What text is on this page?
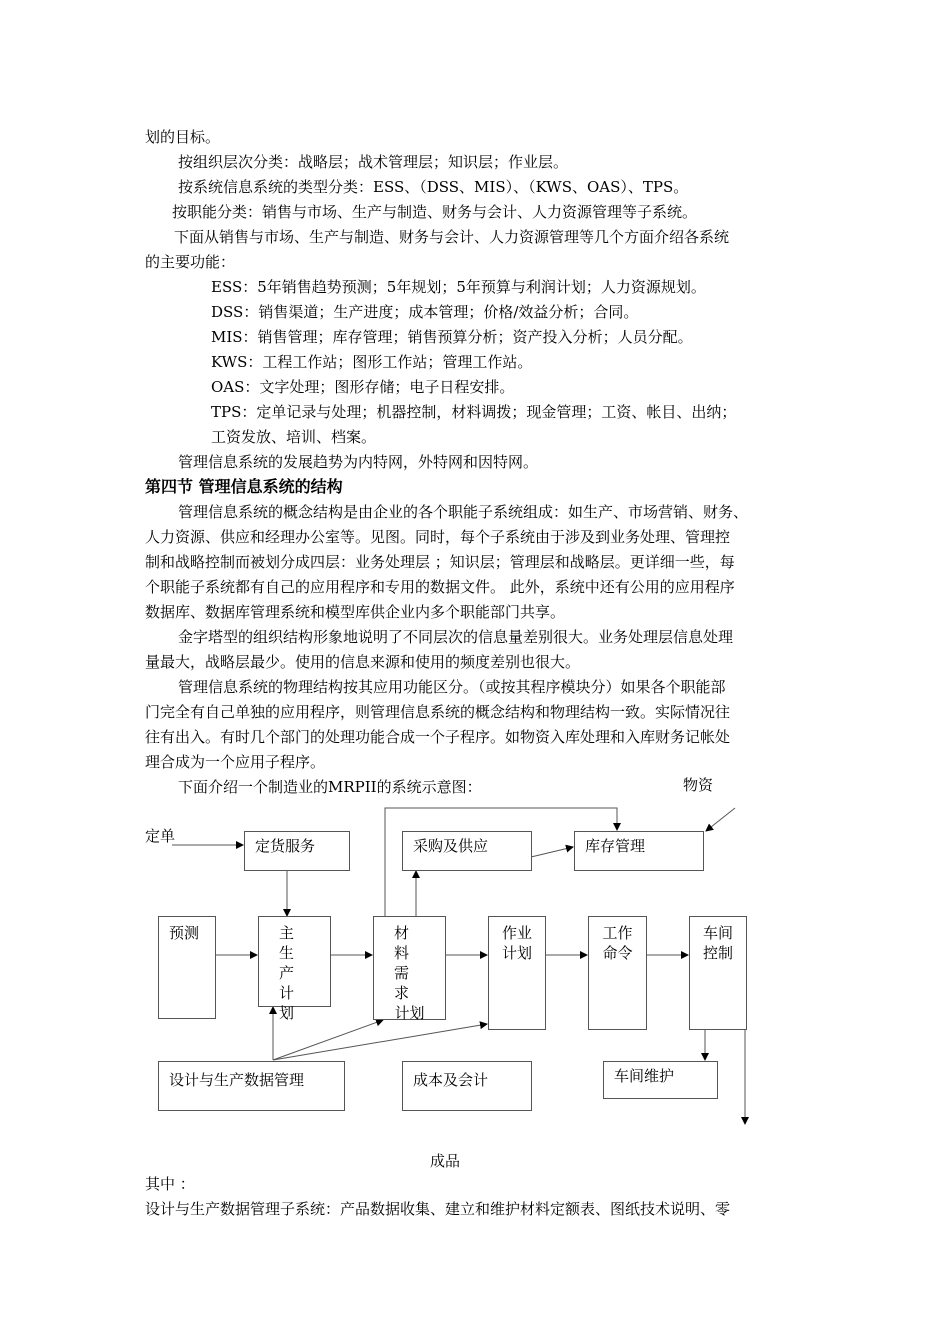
划的目标。

按组织层次分类：战略层；战术管理层；知识层；作业层。

按系统信息系统的类型分类：ESS、（DSS、MIS）、（KWS、OAS）、TPS。

按职能分类：销售与市场、生产与制造、财务与会计、人力资源管理等子系统。

下面从销售与市场、生产与制造、财务与会计、人力资源管理等几个方面介绍各系统

的主要功能：

ESS：5年销售趋势预测；5年规划；5年预算与利润计划；人力资源规划。

DSS：销售渠道；生产进度；成本管理；价格/效益分析；合同。

MIS：销售管理；库存管理；销售预算分析；资产投入分析；人员分配。

KWS：工程工作站；图形工作站；管理工作站。

OAS：文字处理；图形存储；电子日程安排。

TPS：定单记录与处理；机器控制，材料调拨；现金管理；工资、帐目、出纳；

工资发放、培训、档案。

管理信息系统的发展趋势为内特网，外特网和因特网。

第四节 管理信息系统的结构

管理信息系统的概念结构是由企业的各个职能子系统组成：如生产、市场营销、财务、

人力资源、供应和经理办公室等。见图。同时，每个子系统由于涉及到业务处理、管理控

制和战略控制而被划分成四层：业务处理层 ；知识层；管理层和战略层。更详细一些，每

个职能子系统都有自己的应用程序和专用的数据文件。 此外，系统中还有公用的应用程序

数据库、数据库管理系统和模型库供企业内多个职能部门共享。

金字塔型的组织结构形象地说明了不同层次的信息量差别很大。业务处理层信息处理

量最大，战略层最少。使用的信息来源和使用的频度差别也很大。

管理信息系统的物理结构按其应用功能区分。（或按其程序模块分）如果各个职能部

门完全有自己单独的应用程序，则管理信息系统的概念结构和物理结构一致。实际情况往

往有出入。有时几个部门的处理功能合成一个子程序。如物资入库处理和入库财务记帐处

理合成为一个应用子程序。

下面介绍一个制造业的MRPII的系统示意图：	物资
定单
成品
定货服务	采购及供应	库存管理
预测	主 生
产 计
划
材 料
需 求
计划
作业
计划
工作
命令
车间
控制
设计与生产数据管理	成本及会计	车间维护

其中 ：

设计与生产数据管理子系统：产品数据收集、建立和维护材料定额表、图纸技术说明、零
